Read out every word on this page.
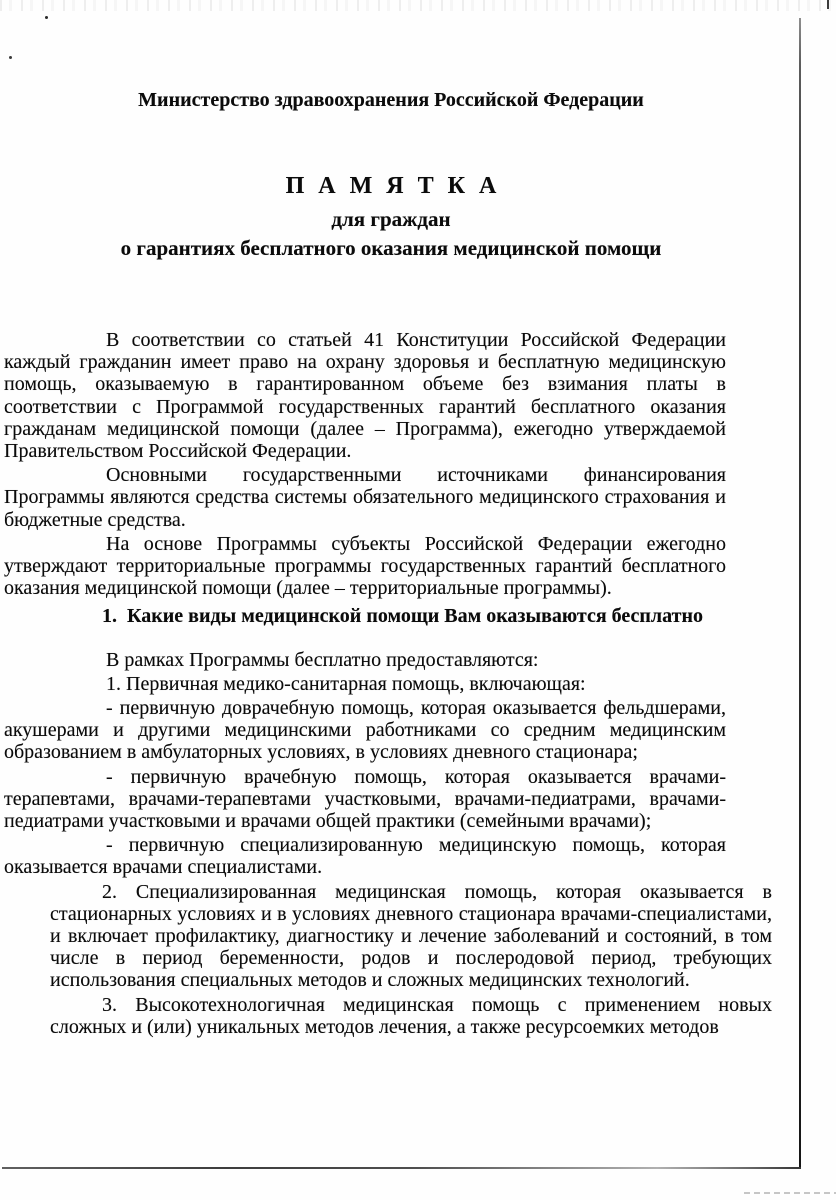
Министерство здравоохранения Российской Федерации
ПАМЯТКА
для граждан
о гарантиях бесплатного оказания медицинской помощи

В соответствии со статьей 41 Конституции Российской Федерации каждый гражданин имеет право на охрану здоровья и бесплатную медицинскую помощь, оказываемую в гарантированном объеме без взимания платы в соответствии с Программой государственных гарантий бесплатного оказания гражданам медицинской помощи (далее – Программа), ежегодно утверждаемой Правительством Российской Федерации.

Основными государственными источниками финансирования Программы являются средства системы обязательного медицинского страхования и бюджетные средства.

На основе Программы субъекты Российской Федерации ежегодно утверждают территориальные программы государственных гарантий бесплатного оказания медицинской помощи (далее – территориальные программы).

1.  Какие виды медицинской помощи Вам оказываются бесплатно

В рамках Программы бесплатно предоставляются:

1. Первичная медико-санитарная помощь, включающая:

- первичную доврачебную помощь, которая оказывается фельдшерами, акушерами и другими медицинскими работниками со средним медицинским образованием в амбулаторных условиях, в условиях дневного стационара;

- первичную врачебную помощь, которая оказывается врачами-терапевтами, врачами-терапевтами участковыми, врачами-педиатрами, врачами-педиатрами участковыми и врачами общей практики (семейными врачами);

- первичную специализированную медицинскую помощь, которая оказывается врачами специалистами.

2. Специализированная медицинская помощь, которая оказывается в стационарных условиях и в условиях дневного стационара врачами-специалистами, и включает профилактику, диагностику и лечение заболеваний и состояний, в том числе в период беременности, родов и послеродовой период, требующих использования специальных методов и сложных медицинских технологий.

3. Высокотехнологичная медицинская помощь с применением новых сложных и (или) уникальных методов лечения, а также ресурсоемких методов
